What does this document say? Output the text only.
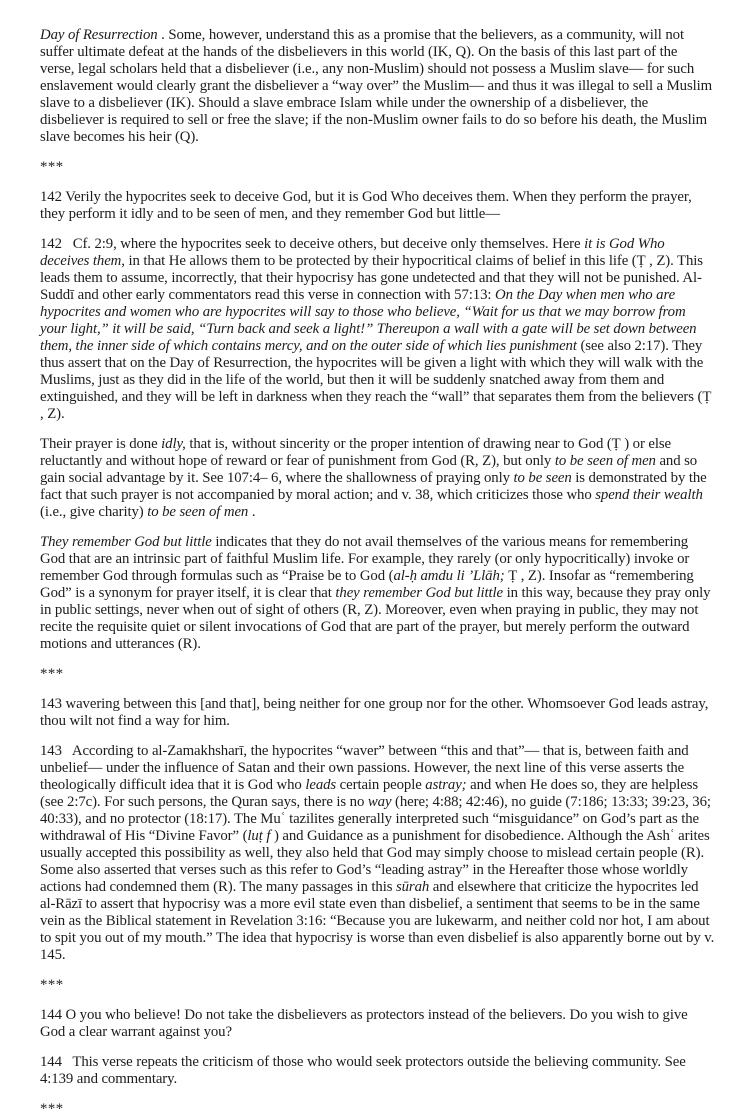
Day of Resurrection . Some, however, understand this as a promise that the believers, as a community, will not suffer ultimate defeat at the hands of the disbelievers in this world (IK, Q). On the basis of this last part of the verse, legal scholars held that a disbeliever (i.e., any non-Muslim) should not possess a Muslim slave— for such enslavement would clearly grant the disbeliever a “way over” the Muslim— and thus it was illegal to sell a Muslim slave to a disbeliever (IK). Should a slave embrace Islam while under the ownership of a disbeliever, the disbeliever is required to sell or free the slave; if the non-Muslim owner fails to do so before his death, the Muslim slave becomes his heir (Q).

***

142 Verily the hypocrites seek to deceive God, but it is God Who deceives them. When they perform the prayer, they perform it idly and to be seen of men, and they remember God but little—

142   Cf. 2:9, where the hypocrites seek to deceive others, but deceive only themselves. Here it is God Who deceives them, in that He allows them to be protected by their hypocritical claims of belief in this life (Ṭ , Z). This leads them to assume, incorrectly, that their hypocrisy has gone undetected and that they will not be punished. Al-Suddī and other early commentators read this verse in connection with 57:13: On the Day when men who are hypocrites and women who are hypocrites will say to those who believe, “Wait for us that we may borrow from your light,” it will be said, “Turn back and seek a light!” Thereupon a wall with a gate will be set down between them, the inner side of which contains mercy, and on the outer side of which lies punishment (see also 2:17). They thus assert that on the Day of Resurrection, the hypocrites will be given a light with which they will walk with the Muslims, just as they did in the life of the world, but then it will be suddenly snatched away from them and extinguished, and they will be left in darkness when they reach the “wall” that separates them from the believers (Ṭ , Z).

Their prayer is done idly, that is, without sincerity or the proper intention of drawing near to God (Ṭ ) or else reluctantly and without hope of reward or fear of punishment from God (R, Z), but only to be seen of men and so gain social advantage by it. See 107:4– 6, where the shallowness of praying only to be seen is demonstrated by the fact that such prayer is not accompanied by moral action; and v. 38, which criticizes those who spend their wealth (i.e., give charity) to be seen of men .

They remember God but little indicates that they do not avail themselves of the various means for remembering God that are an intrinsic part of faithful Muslim life. For example, they rarely (or only hypocritically) invoke or remember God through formulas such as “Praise be to God (al-ḥ amdu li ’Llāh; Ṭ , Z). Insofar as “remembering God” is a synonym for prayer itself, it is clear that they remember God but little in this way, because they pray only in public settings, never when out of sight of others (R, Z). Moreover, even when praying in public, they may not recite the requisite quiet or silent invocations of God that are part of the prayer, but merely perform the outward motions and utterances (R).

***

143 wavering between this [and that], being neither for one group nor for the other. Whomsoever God leads astray, thou wilt not find a way for him.

143   According to al-Zamakhsharī, the hypocrites “waver” between “this and that”— that is, between faith and unbelief— under the influence of Satan and their own passions. However, the next line of this verse asserts the theologically difficult idea that it is God who leads certain people astray; and when He does so, they are helpless (see 2:7c). For such persons, the Quran says, there is no way (here; 4:88; 42:46), no guide (7:186; 13:33; 39:23, 36; 40:33), and no protector (18:17). The Muʿ tazilites generally interpreted such “misguidance” on God’s part as the withdrawal of His “Divine Favor” (luṭ f ) and Guidance as a punishment for disobedience. Although the Ashʿ arites usually accepted this possibility as well, they also held that God may simply choose to mislead certain people (R). Some also asserted that verses such as this refer to God’s “leading astray” in the Hereafter those whose worldly actions had condemned them (R). The many passages in this sūrah and elsewhere that criticize the hypocrites led al-Rāzī to assert that hypocrisy was a more evil state even than disbelief, a sentiment that seems to be in the same vein as the Biblical statement in Revelation 3:16: “Because you are lukewarm, and neither cold nor hot, I am about to spit you out of my mouth.” The idea that hypocrisy is worse than even disbelief is also apparently borne out by v. 145.

***

144 O you who believe! Do not take the disbelievers as protectors instead of the believers. Do you wish to give God a clear warrant against you?

144   This verse repeats the criticism of those who would seek protectors outside the believing community. See 4:139 and commentary.

***
